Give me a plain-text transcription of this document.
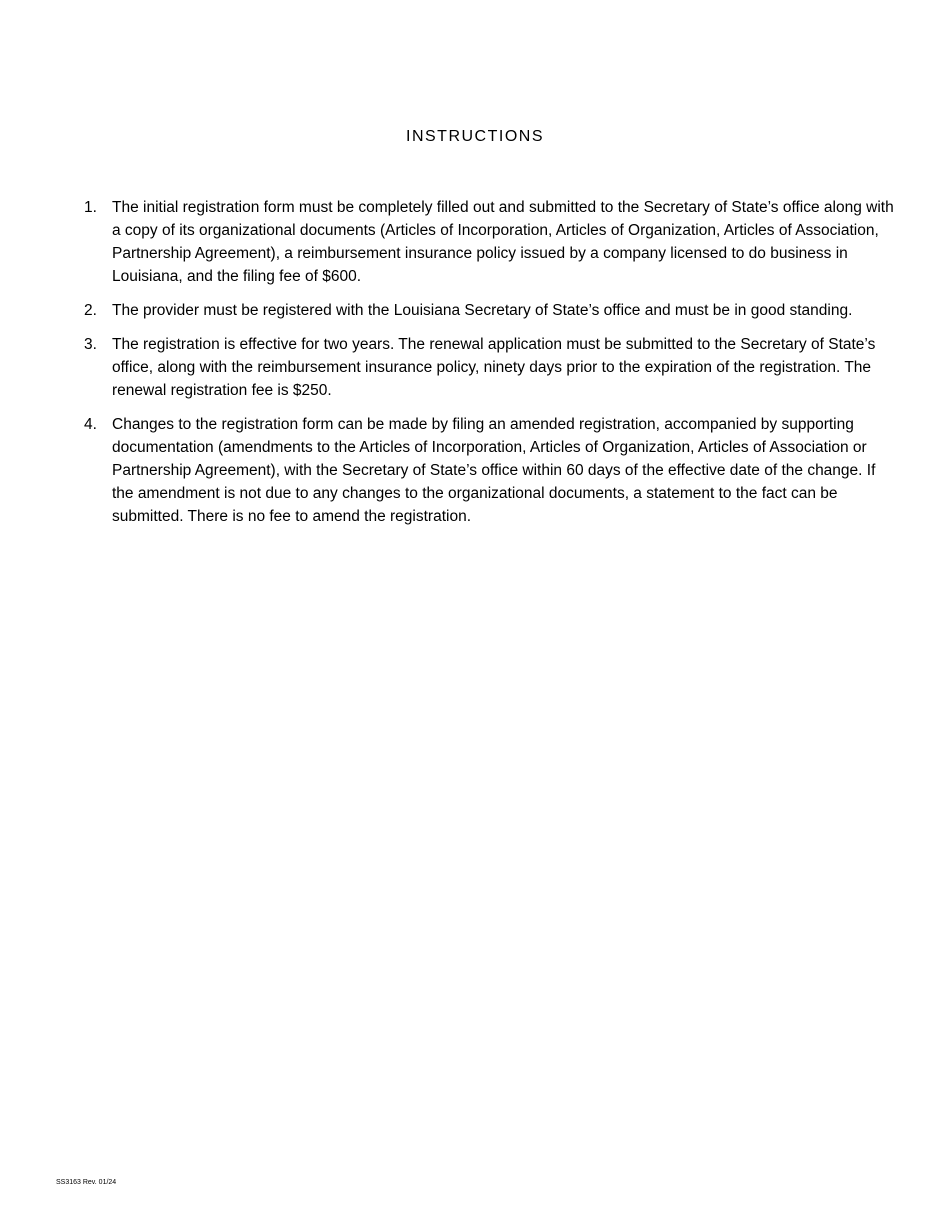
INSTRUCTIONS
1. The initial registration form must be completely filled out and submitted to the Secretary of State’s office along with a copy of its organizational documents (Articles of Incorporation, Articles of Organization, Articles of Association, Partnership Agreement), a reimbursement insurance policy issued by a company licensed to do business in Louisiana, and the filing fee of $600.
2. The provider must be registered with the Louisiana Secretary of State’s office and must be in good standing.
3. The registration is effective for two years. The renewal application must be submitted to the Secretary of State’s office, along with the reimbursement insurance policy, ninety days prior to the expiration of the registration. The renewal registration fee is $250.
4. Changes to the registration form can be made by filing an amended registration, accompanied by supporting documentation (amendments to the Articles of Incorporation, Articles of Organization, Articles of Association or Partnership Agreement), with the Secretary of State’s office within 60 days of the effective date of the change. If the amendment is not due to any changes to the organizational documents, a statement to the fact can be submitted. There is no fee to amend the registration.
SS3163 Rev. 01/24
